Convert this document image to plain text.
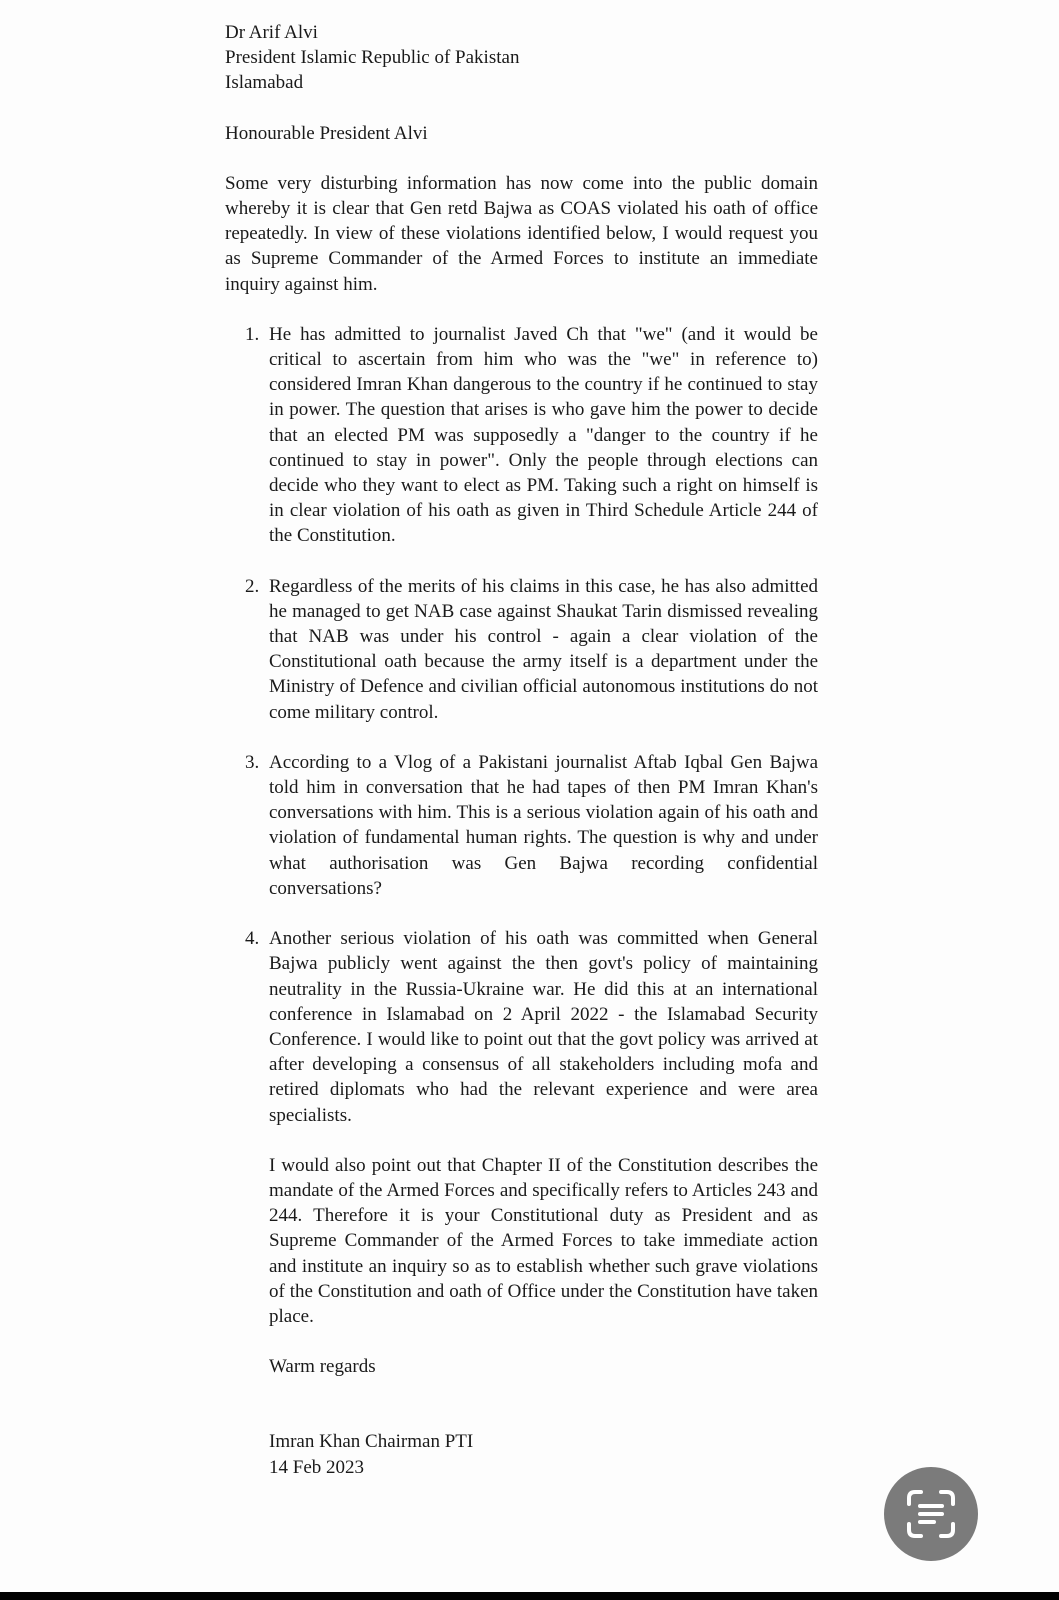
Dr Arif Alvi
President Islamic Republic of Pakistan
Islamabad
Honourable President Alvi
Some very disturbing information has now come into the public domain whereby it is clear that Gen retd Bajwa as COAS violated his oath of office repeatedly. In view of these violations identified below, I would request you as Supreme Commander of the Armed Forces to institute an immediate inquiry against him.
1. He has admitted to journalist Javed Ch that "we" (and it would be critical to ascertain from him who was the "we" in reference to) considered Imran Khan dangerous to the country if he continued to stay in power. The question that arises is who gave him the power to decide that an elected PM was supposedly a "danger to the country if he continued to stay in power". Only the people through elections can decide who they want to elect as PM. Taking such a right on himself is in clear violation of his oath as given in Third Schedule Article 244 of the Constitution.
2. Regardless of the merits of his claims in this case, he has also admitted he managed to get NAB case against Shaukat Tarin dismissed revealing that NAB was under his control - again a clear violation of the Constitutional oath because the army itself is a department under the Ministry of Defence and civilian official autonomous institutions do not come military control.
3. According to a Vlog of a Pakistani journalist Aftab Iqbal Gen Bajwa told him in conversation that he had tapes of then PM Imran Khan's conversations with him. This is a serious violation again of his oath and violation of fundamental human rights. The question is why and under what authorisation was Gen Bajwa recording confidential conversations?
4. Another serious violation of his oath was committed when General Bajwa publicly went against the then govt's policy of maintaining neutrality in the Russia-Ukraine war. He did this at an international conference in Islamabad on 2 April 2022 - the Islamabad Security Conference. I would like to point out that the govt policy was arrived at after developing a consensus of all stakeholders including mofa and retired diplomats who had the relevant experience and were area specialists.
I would also point out that Chapter II of the Constitution describes the mandate of the Armed Forces and specifically refers to Articles 243 and 244. Therefore it is your Constitutional duty as President and as Supreme Commander of the Armed Forces to take immediate action and institute an inquiry so as to establish whether such grave violations of the Constitution and oath of Office under the Constitution have taken place.
Warm regards
Imran Khan Chairman PTI
14 Feb 2023
